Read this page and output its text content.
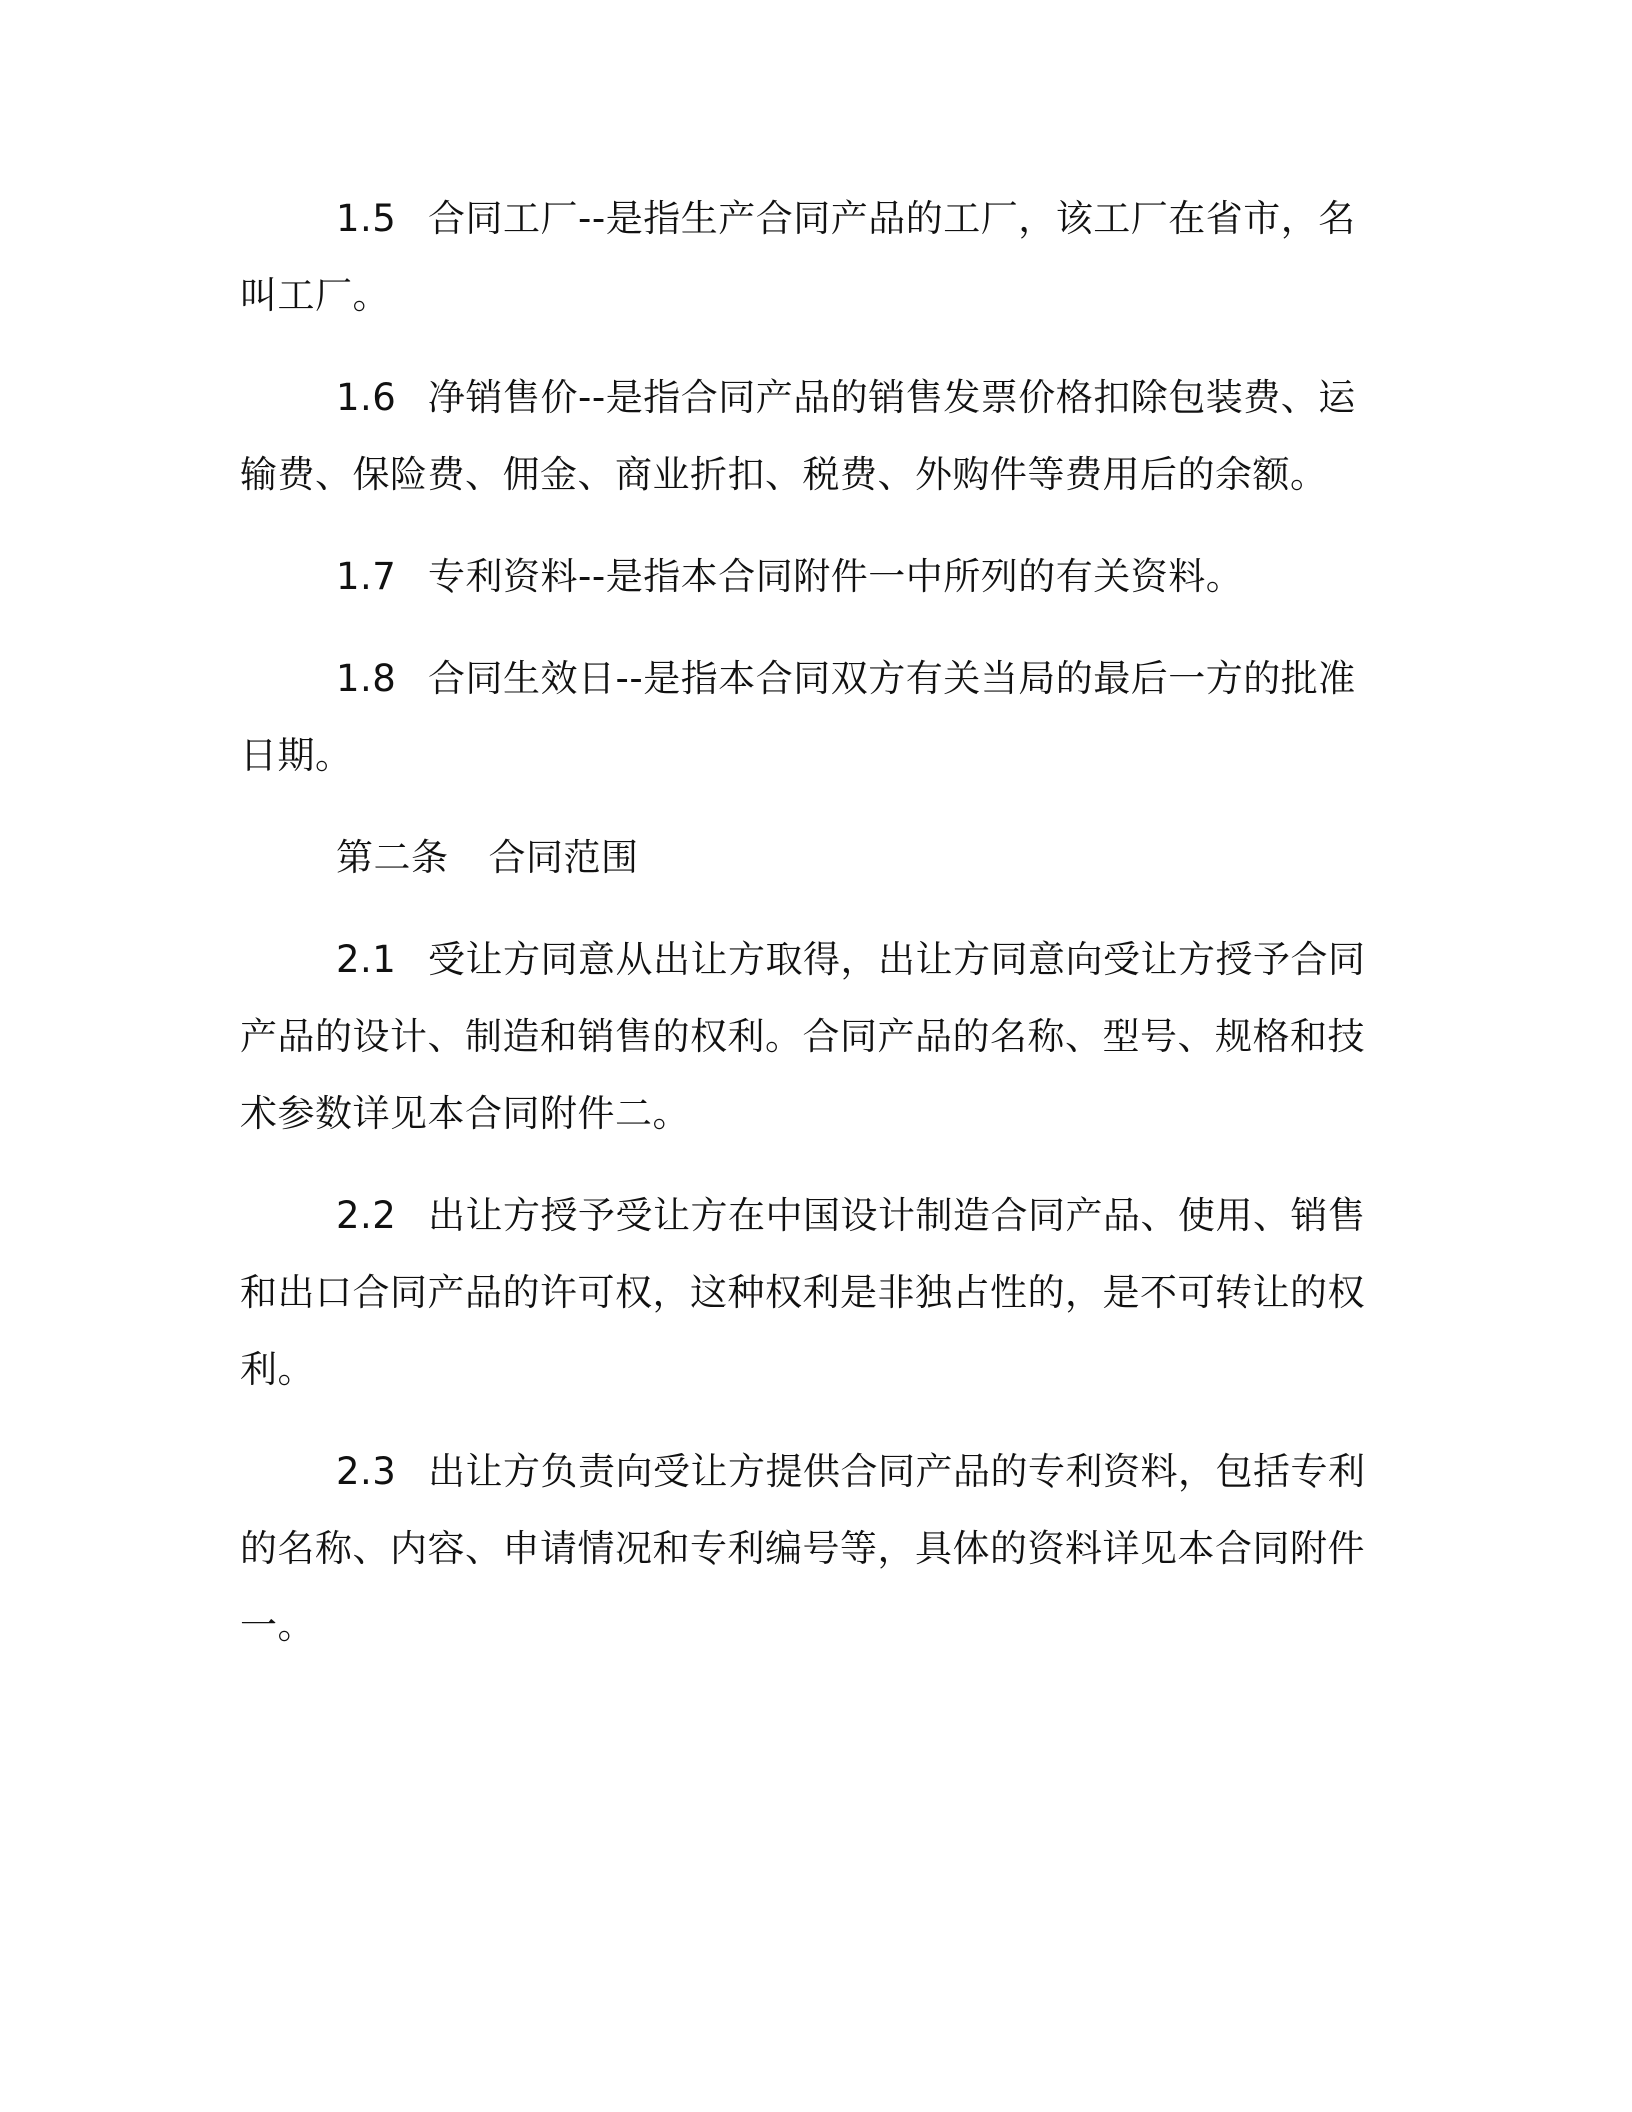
1.5 合同工厂--是指生产合同产品的工厂，该工厂在省市，名叫工厂。

1.6 净销售价--是指合同产品的销售发票价格扣除包装费、运输费、保险费、佣金、商业折扣、税费、外购件等费用后的余额。

1.7 专利资料--是指本合同附件一中所列的有关资料。

1.8 合同生效日--是指本合同双方有关当局的最后一方的批准日期。

第二条 合同范围

2.1 受让方同意从出让方取得，出让方同意向受让方授予合同产品的设计、制造和销售的权利。合同产品的名称、型号、规格和技术参数详见本合同附件二。

2.2 出让方授予受让方在中国设计制造合同产品、使用、销售和出口合同产品的许可权，这种权利是非独占性的，是不可转让的权利。

2.3 出让方负责向受让方提供合同产品的专利资料，包括专利的名称、内容、申请情况和专利编号等，具体的资料详见本合同附件一。
